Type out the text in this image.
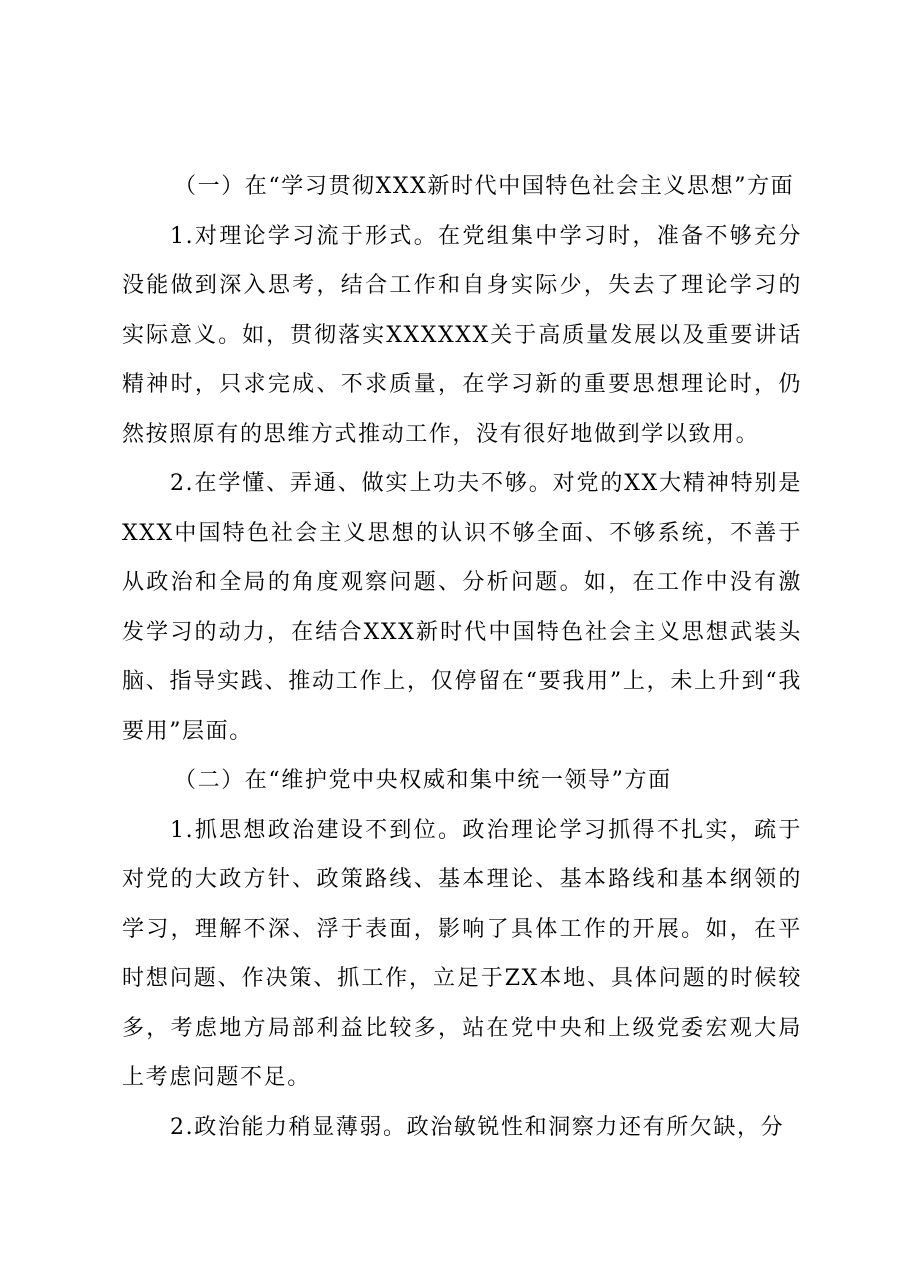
（一）在“学习贯彻XXX新时代中国特色社会主义思想”方面

1.对理论学习流于形式。在党组集中学习时，准备不够充分没能做到深入思考，结合工作和自身实际少，失去了理论学习的实际意义。如，贯彻落实XXXXXX关于高质量发展以及重要讲话精神时，只求完成、不求质量，在学习新的重要思想理论时，仍然按照原有的思维方式推动工作，没有很好地做到学以致用。

2.在学懂、弄通、做实上功夫不够。对党的XX大精神特别是XXX中国特色社会主义思想的认识不够全面、不够系统，不善于从政治和全局的角度观察问题、分析问题。如，在工作中没有激发学习的动力，在结合XXX新时代中国特色社会主义思想武装头脑、指导实践、推动工作上，仅停留在“要我用”上，未上升到“我要用”层面。

（二）在“维护党中央权威和集中统一领导”方面

1.抓思想政治建设不到位。政治理论学习抓得不扎实，疏于对党的大政方针、政策路线、基本理论、基本路线和基本纲领的学习，理解不深、浮于表面，影响了具体工作的开展。如，在平时想问题、作决策、抓工作，立足于ZX本地、具体问题的时候较多，考虑地方局部利益比较多，站在党中央和上级党委宏观大局上考虑问题不足。

2.政治能力稍显薄弱。政治敏锐性和洞察力还有所欠缺，分
